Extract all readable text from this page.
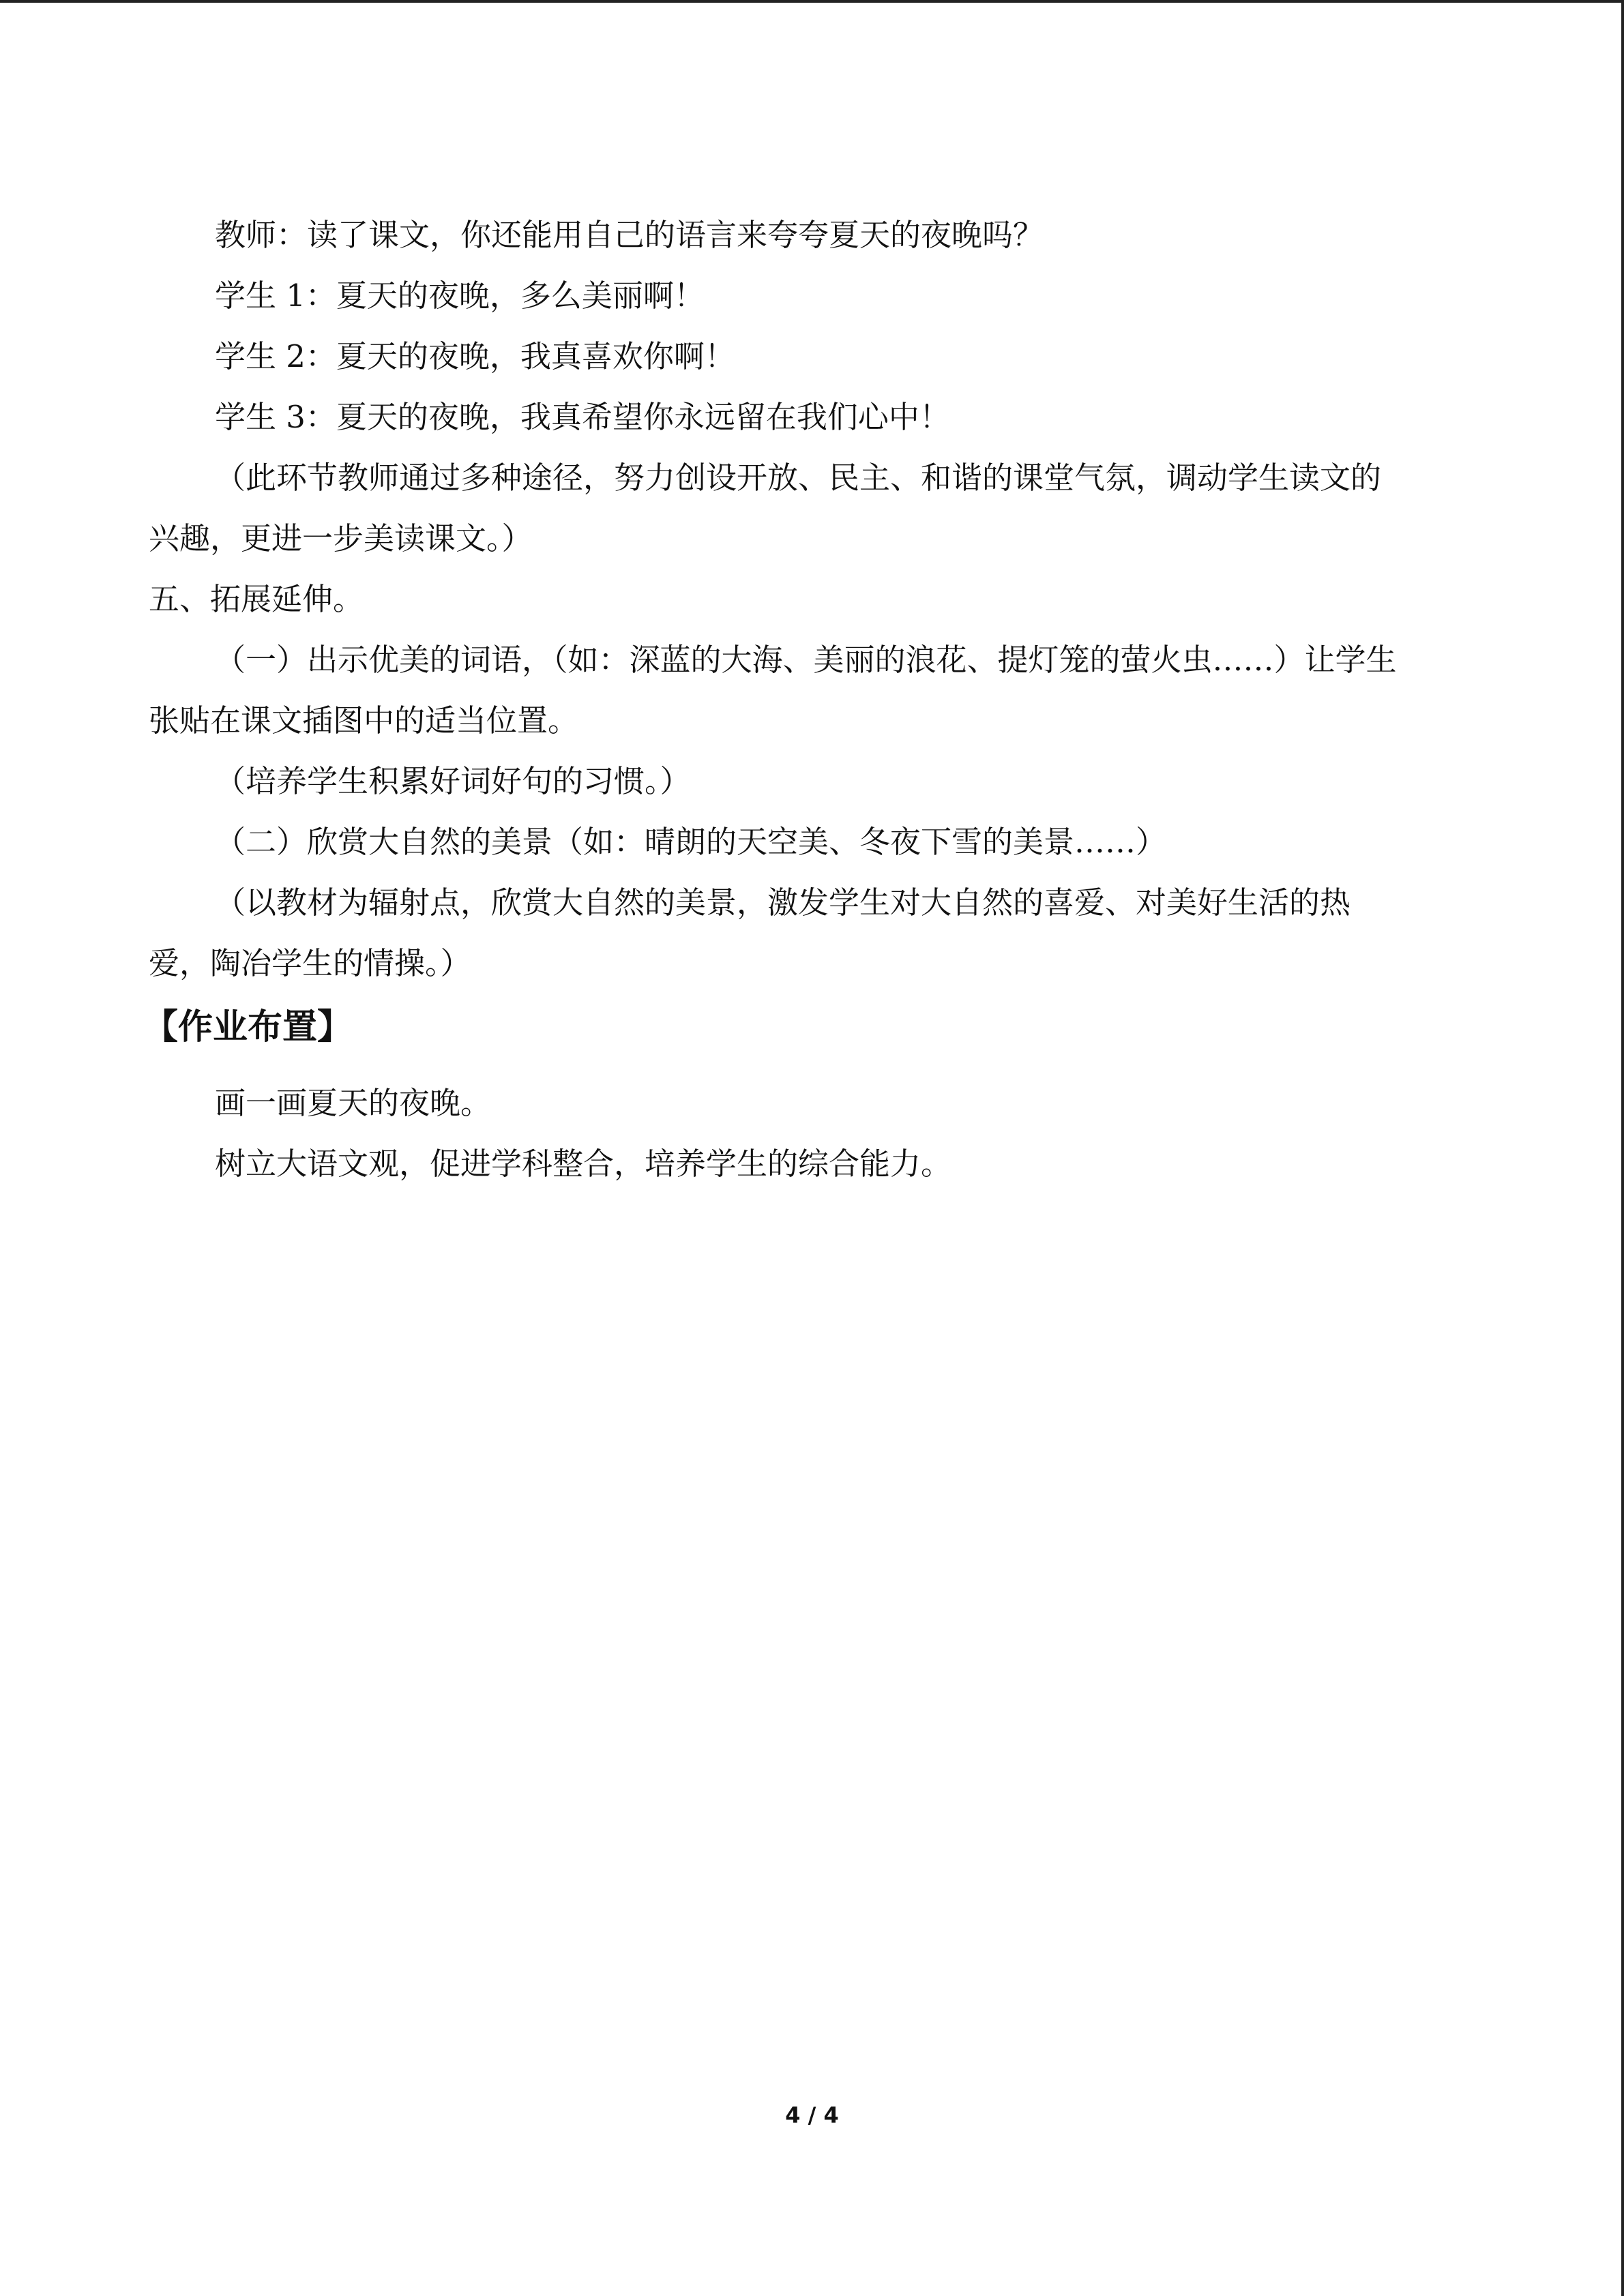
教师：读了课文，你还能用自己的语言来夸夸夏天的夜晚吗？
学生 1：夏天的夜晚，多么美丽啊！
学生 2：夏天的夜晚，我真喜欢你啊！
学生 3：夏天的夜晚，我真希望你永远留在我们心中！
（此环节教师通过多种途径，努力创设开放、民主、和谐的课堂气氛，调动学生读文的
兴趣，更进一步美读课文。）
五、拓展延伸。
（一）出示优美的词语，（如：深蓝的大海、美丽的浪花、提灯笼的萤火虫……）让学生
张贴在课文插图中的适当位置。
（培养学生积累好词好句的习惯。）
（二）欣赏大自然的美景（如：晴朗的天空美、冬夜下雪的美景……）
（以教材为辐射点，欣赏大自然的美景，激发学生对大自然的喜爱、对美好生活的热
爱，陶冶学生的情操。）
【作业布置】
画一画夏天的夜晚。
树立大语文观，促进学科整合，培养学生的综合能力。
4 / 4
